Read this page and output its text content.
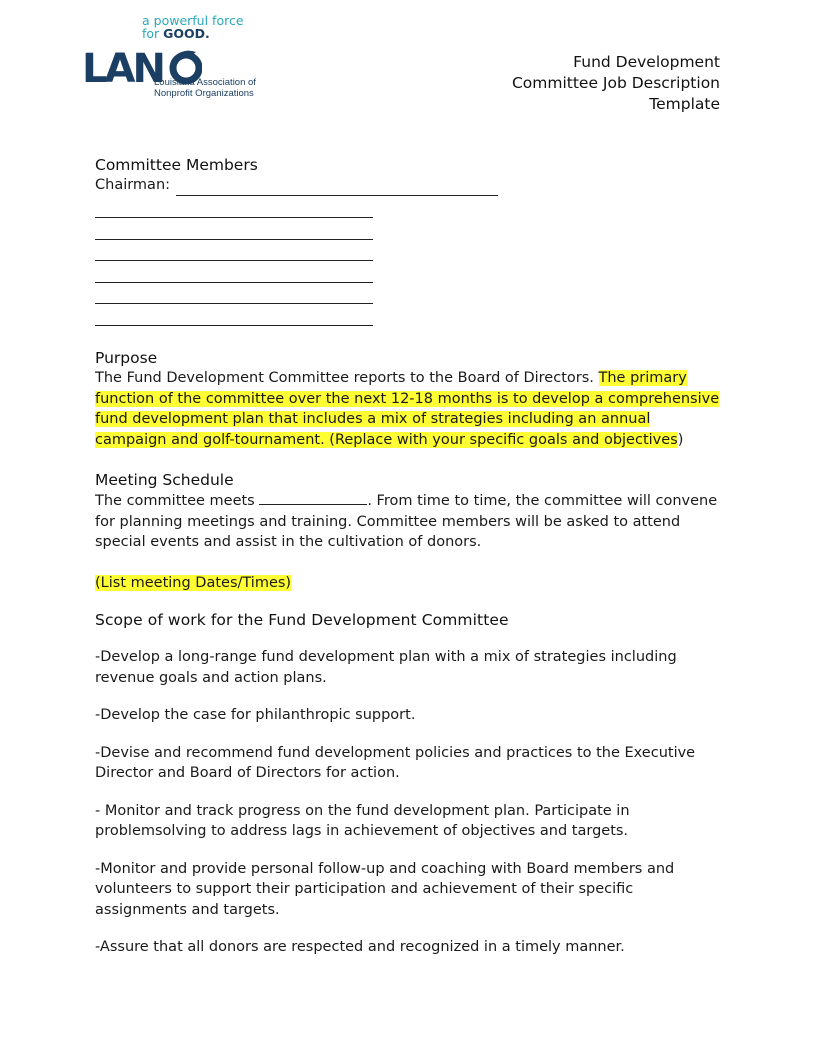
a powerful force
for GOOD.
LAN
Louisiana Association of
Nonprofit Organizations
Fund Development
Committee Job Description
Template
Committee Members
Chairman:
Purpose

The Fund Development Committee reports to the Board of Directors. The primary function of the committee over the next 12-18 months is to develop a comprehensive fund development plan that includes a mix of strategies including an annual campaign and golf-tournament. (Replace with your specific goals and objectives)

Meeting Schedule

The committee meets	. From time to time, the committee will convene for planning meetings and training. Committee members will be asked to attend special events and assist in the cultivation of donors.

(List meeting Dates/Times)

Scope of work for the Fund Development Committee

-Develop a long-range fund development plan with a mix of strategies including revenue goals and action plans.

-Develop the case for philanthropic support.

-Devise and recommend fund development policies and practices to the Executive Director and Board of Directors for action.

- Monitor and track progress on the fund development plan. Participate in problemsolving to address lags in achievement of objectives and targets.

-Monitor and provide personal follow-up and coaching with Board members and volunteers to support their participation and achievement of their specific assignments and targets.

-Assure that all donors are respected and recognized in a timely manner.
